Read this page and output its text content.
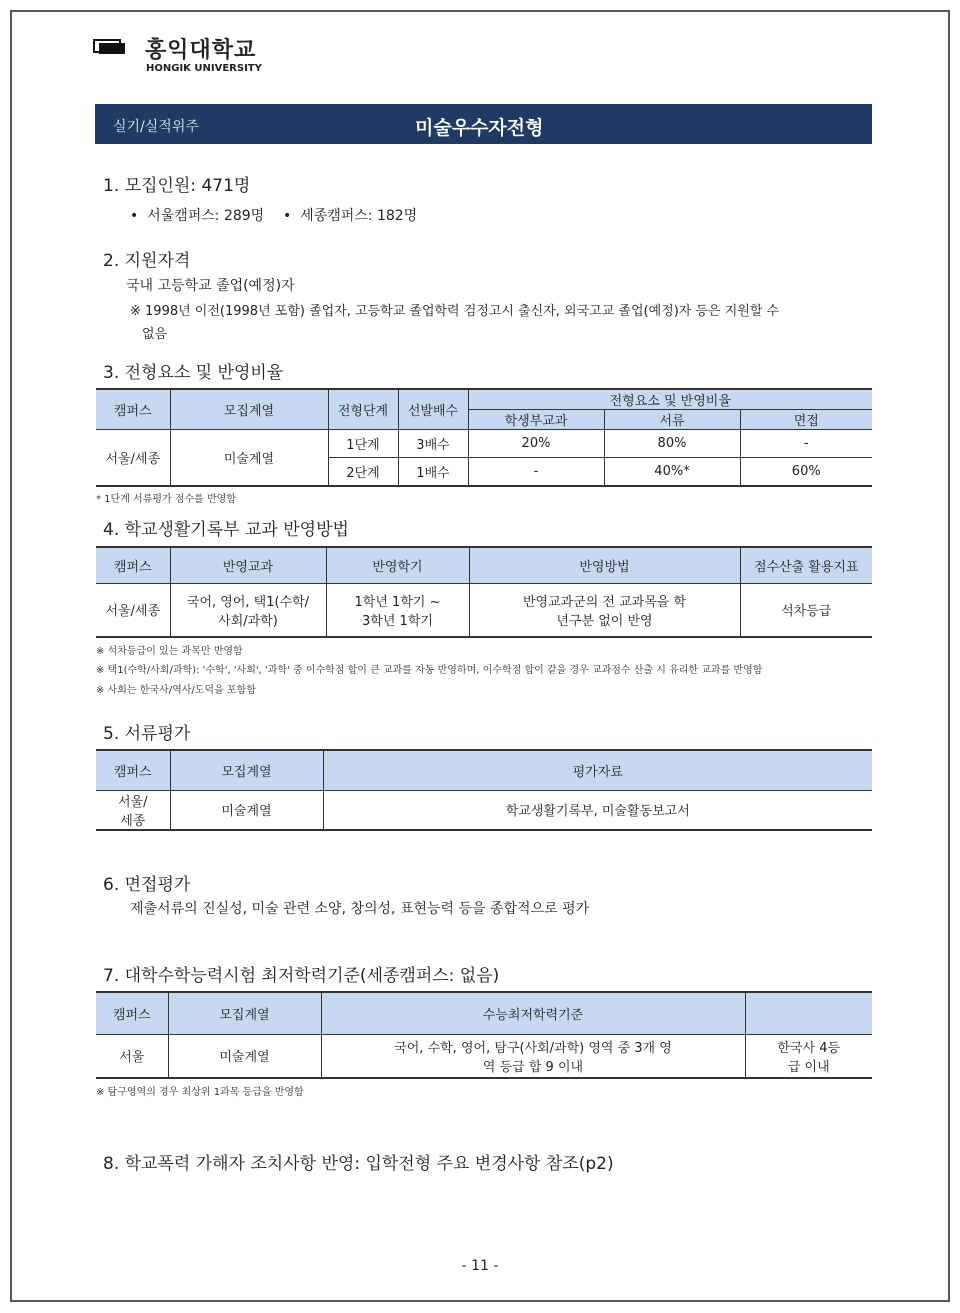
홍익대학교
HONGIK UNIVERSITY
실기/실적위주	미술우수자전형
1. 모집인원: 471명
•  서울캠퍼스: 289명 •  세종캠퍼스: 182명
2. 지원자격
국내 고등학교 졸업(예정)자
※ 1998년 이전(1998년 포함) 졸업자, 고등학교 졸업학력 검정고시 출신자, 외국고교 졸업(예정)자 등은 지원할 수
없음
3. 전형요소 및 반영비율
캠퍼스	모집계열	전형단계	선발배수	전형요소 및 반영비율		
				학생부교과	서류	면접
서울/세종	미술계열	1단계	3배수	20%	80%	-
		2단계	1배수	-	40%*	60%
* 1단계 서류평가 점수를 반영함
4. 학교생활기록부 교과 반영방법
캠퍼스	반영교과	반영학기	반영방법	점수산출 활용지표
서울/세종	국어, 영어, 택1(수학/사회/과학)	1학년 1학기 ~ 3학년 1학기	반영교과군의 전 교과목을 학년구분 없이 반영	석차등급
※ 석차등급이 있는 과목만 반영함
※ 택1(수학/사회/과학): '수학', '사회', '과학' 중 이수학점 합이 큰 교과를 자동 반영하며, 이수학점 합이 같을 경우 교과점수 산출 시 유리한 교과를 반영함
※ 사회는 한국사/역사/도덕을 포함함
5. 서류평가
캠퍼스	모집계열	평가자료
서울/세종	미술계열	학교생활기록부, 미술활동보고서
6. 면접평가
제출서류의 진실성, 미술 관련 소양, 창의성, 표현능력 등을 종합적으로 평가
7. 대학수학능력시험 최저학력기준(세종캠퍼스: 없음)
캠퍼스	모집계열	수능최저학력기준	
서울	미술계열	국어, 수학, 영어, 탐구(사회/과학) 영역 중 3개 영역 등급 합 9 이내	한국사 4등급 이내
※ 탐구영역의 경우 최상위 1과목 등급을 반영함
8. 학교폭력 가해자 조치사항 반영: 입학전형 주요 변경사항 참조(p2)
- 11 -
